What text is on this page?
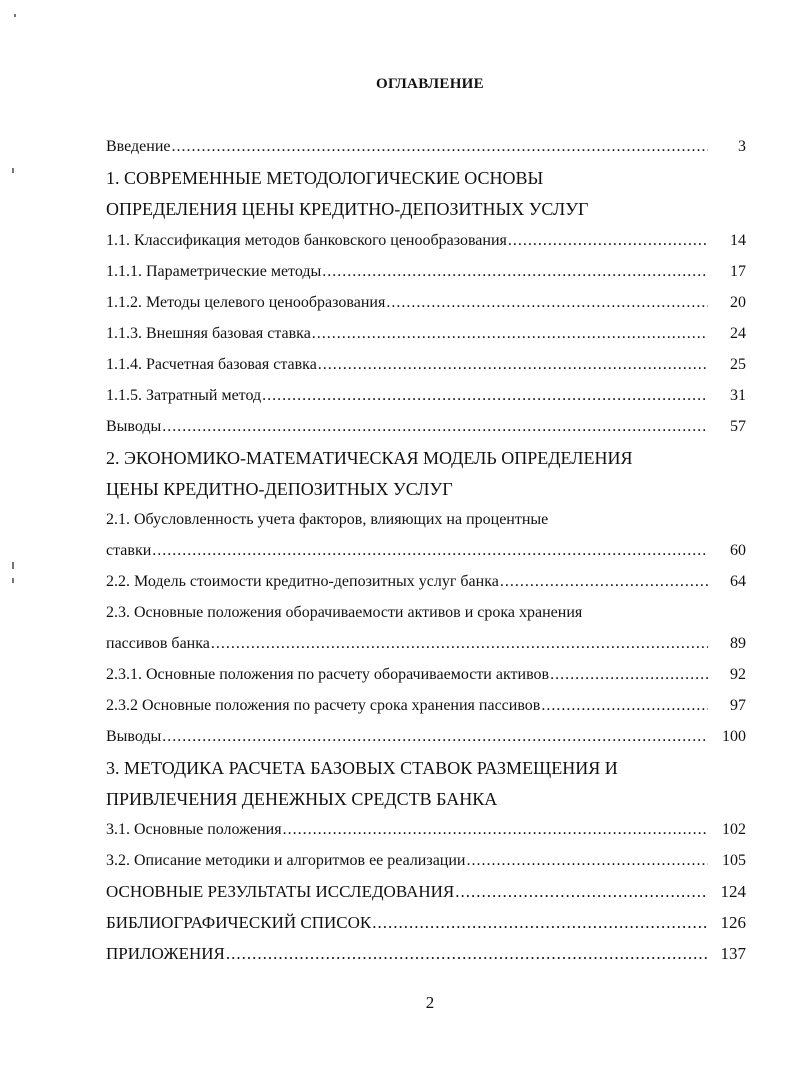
ОГЛАВЛЕНИЕ
Введение .....	3
1. СОВРЕМЕННЫЕ МЕТОДОЛОГИЧЕСКИЕ ОСНОВЫ
ОПРЕДЕЛЕНИЯ ЦЕНЫ КРЕДИТНО-ДЕПОЗИТНЫХ УСЛУГ
1.1. Классификация методов банковского ценообразования .....	14
1.1.1. Параметрические методы .....	17
1.1.2. Методы целевого ценообразования .....	20
1.1.3. Внешняя базовая ставка .....	24
1.1.4. Расчетная базовая ставка .....	25
1.1.5. Затратный метод .....	31
Выводы .....	57
2. ЭКОНОМИКО-МАТЕМАТИЧЕСКАЯ МОДЕЛЬ ОПРЕДЕЛЕНИЯ
ЦЕНЫ КРЕДИТНО-ДЕПОЗИТНЫХ УСЛУГ
2.1. Обусловленность учета факторов, влияющих на процентные
ставки .....	60
2.2. Модель стоимости кредитно-депозитных услуг банка .....	64
2.3. Основные положения оборачиваемости активов и срока хранения
пассивов банка .....	89
2.3.1. Основные положения по расчету оборачиваемости активов .....	92
2.3.2 Основные положения по расчету срока хранения пассивов .....	97
Выводы .....	100
3. МЕТОДИКА РАСЧЕТА БАЗОВЫХ СТАВОК РАЗМЕЩЕНИЯ И
ПРИВЛЕЧЕНИЯ ДЕНЕЖНЫХ СРЕДСТВ БАНКА
3.1. Основные положения .....	102
3.2. Описание методики и алгоритмов ее реализации .....	105
ОСНОВНЫЕ РЕЗУЛЬТАТЫ ИССЛЕДОВАНИЯ .....	124
БИБЛИОГРАФИЧЕСКИЙ СПИСОК .....	126
ПРИЛОЖЕНИЯ .....	137
2
